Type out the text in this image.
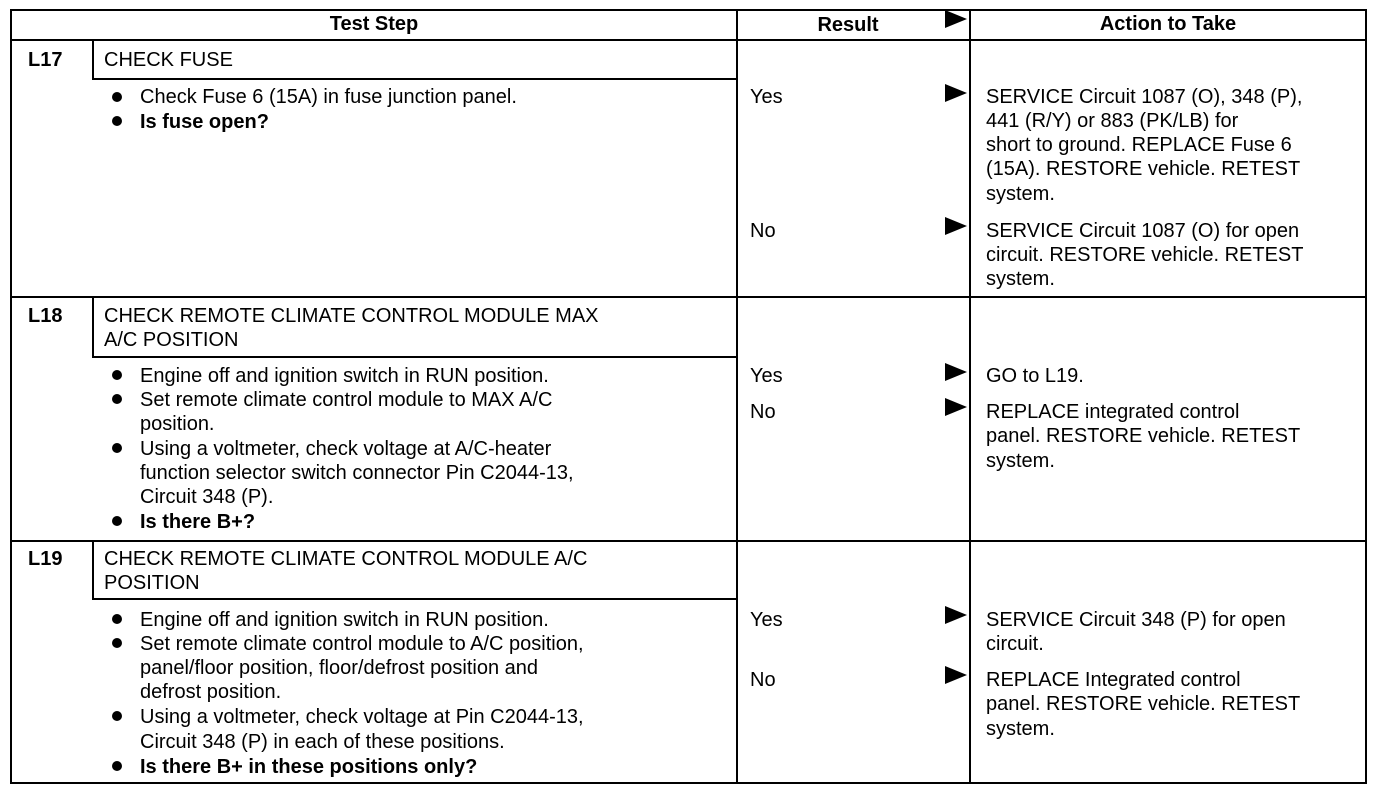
Test Step	Result	Action to Take
L17 CHECK FUSE
Check Fuse 6 (15A) in fuse junction panel.
Is fuse open?
Yes	SERVICE Circuit 1087 (O), 348 (P),
441 (R/Y) or 883 (PK/LB) for
short to ground. REPLACE Fuse 6
(15A). RESTORE vehicle. RETEST
system.
No	SERVICE Circuit 1087 (O) for open
circuit. RESTORE vehicle. RETEST
system.
L18 CHECK REMOTE CLIMATE CONTROL MODULE MAX
A/C POSITION
Engine off and ignition switch in RUN position.
Set remote climate control module to MAX A/C
position.
Using a voltmeter, check voltage at A/C-heater
function selector switch connector Pin C2044-13,
Circuit 348 (P).
Is there B+?
Yes	GO to L19.
No	REPLACE integrated control
panel. RESTORE vehicle. RETEST
system.
L19 CHECK REMOTE CLIMATE CONTROL MODULE A/C
POSITION
Engine off and ignition switch in RUN position.
Set remote climate control module to A/C position,
panel/floor position, floor/defrost position and
defrost position.
Using a voltmeter, check voltage at Pin C2044-13,
Circuit 348 (P) in each of these positions.
Is there B+ in these positions only?
Yes	SERVICE Circuit 348 (P) for open
circuit.
No	REPLACE Integrated control
panel. RESTORE vehicle. RETEST
system.
